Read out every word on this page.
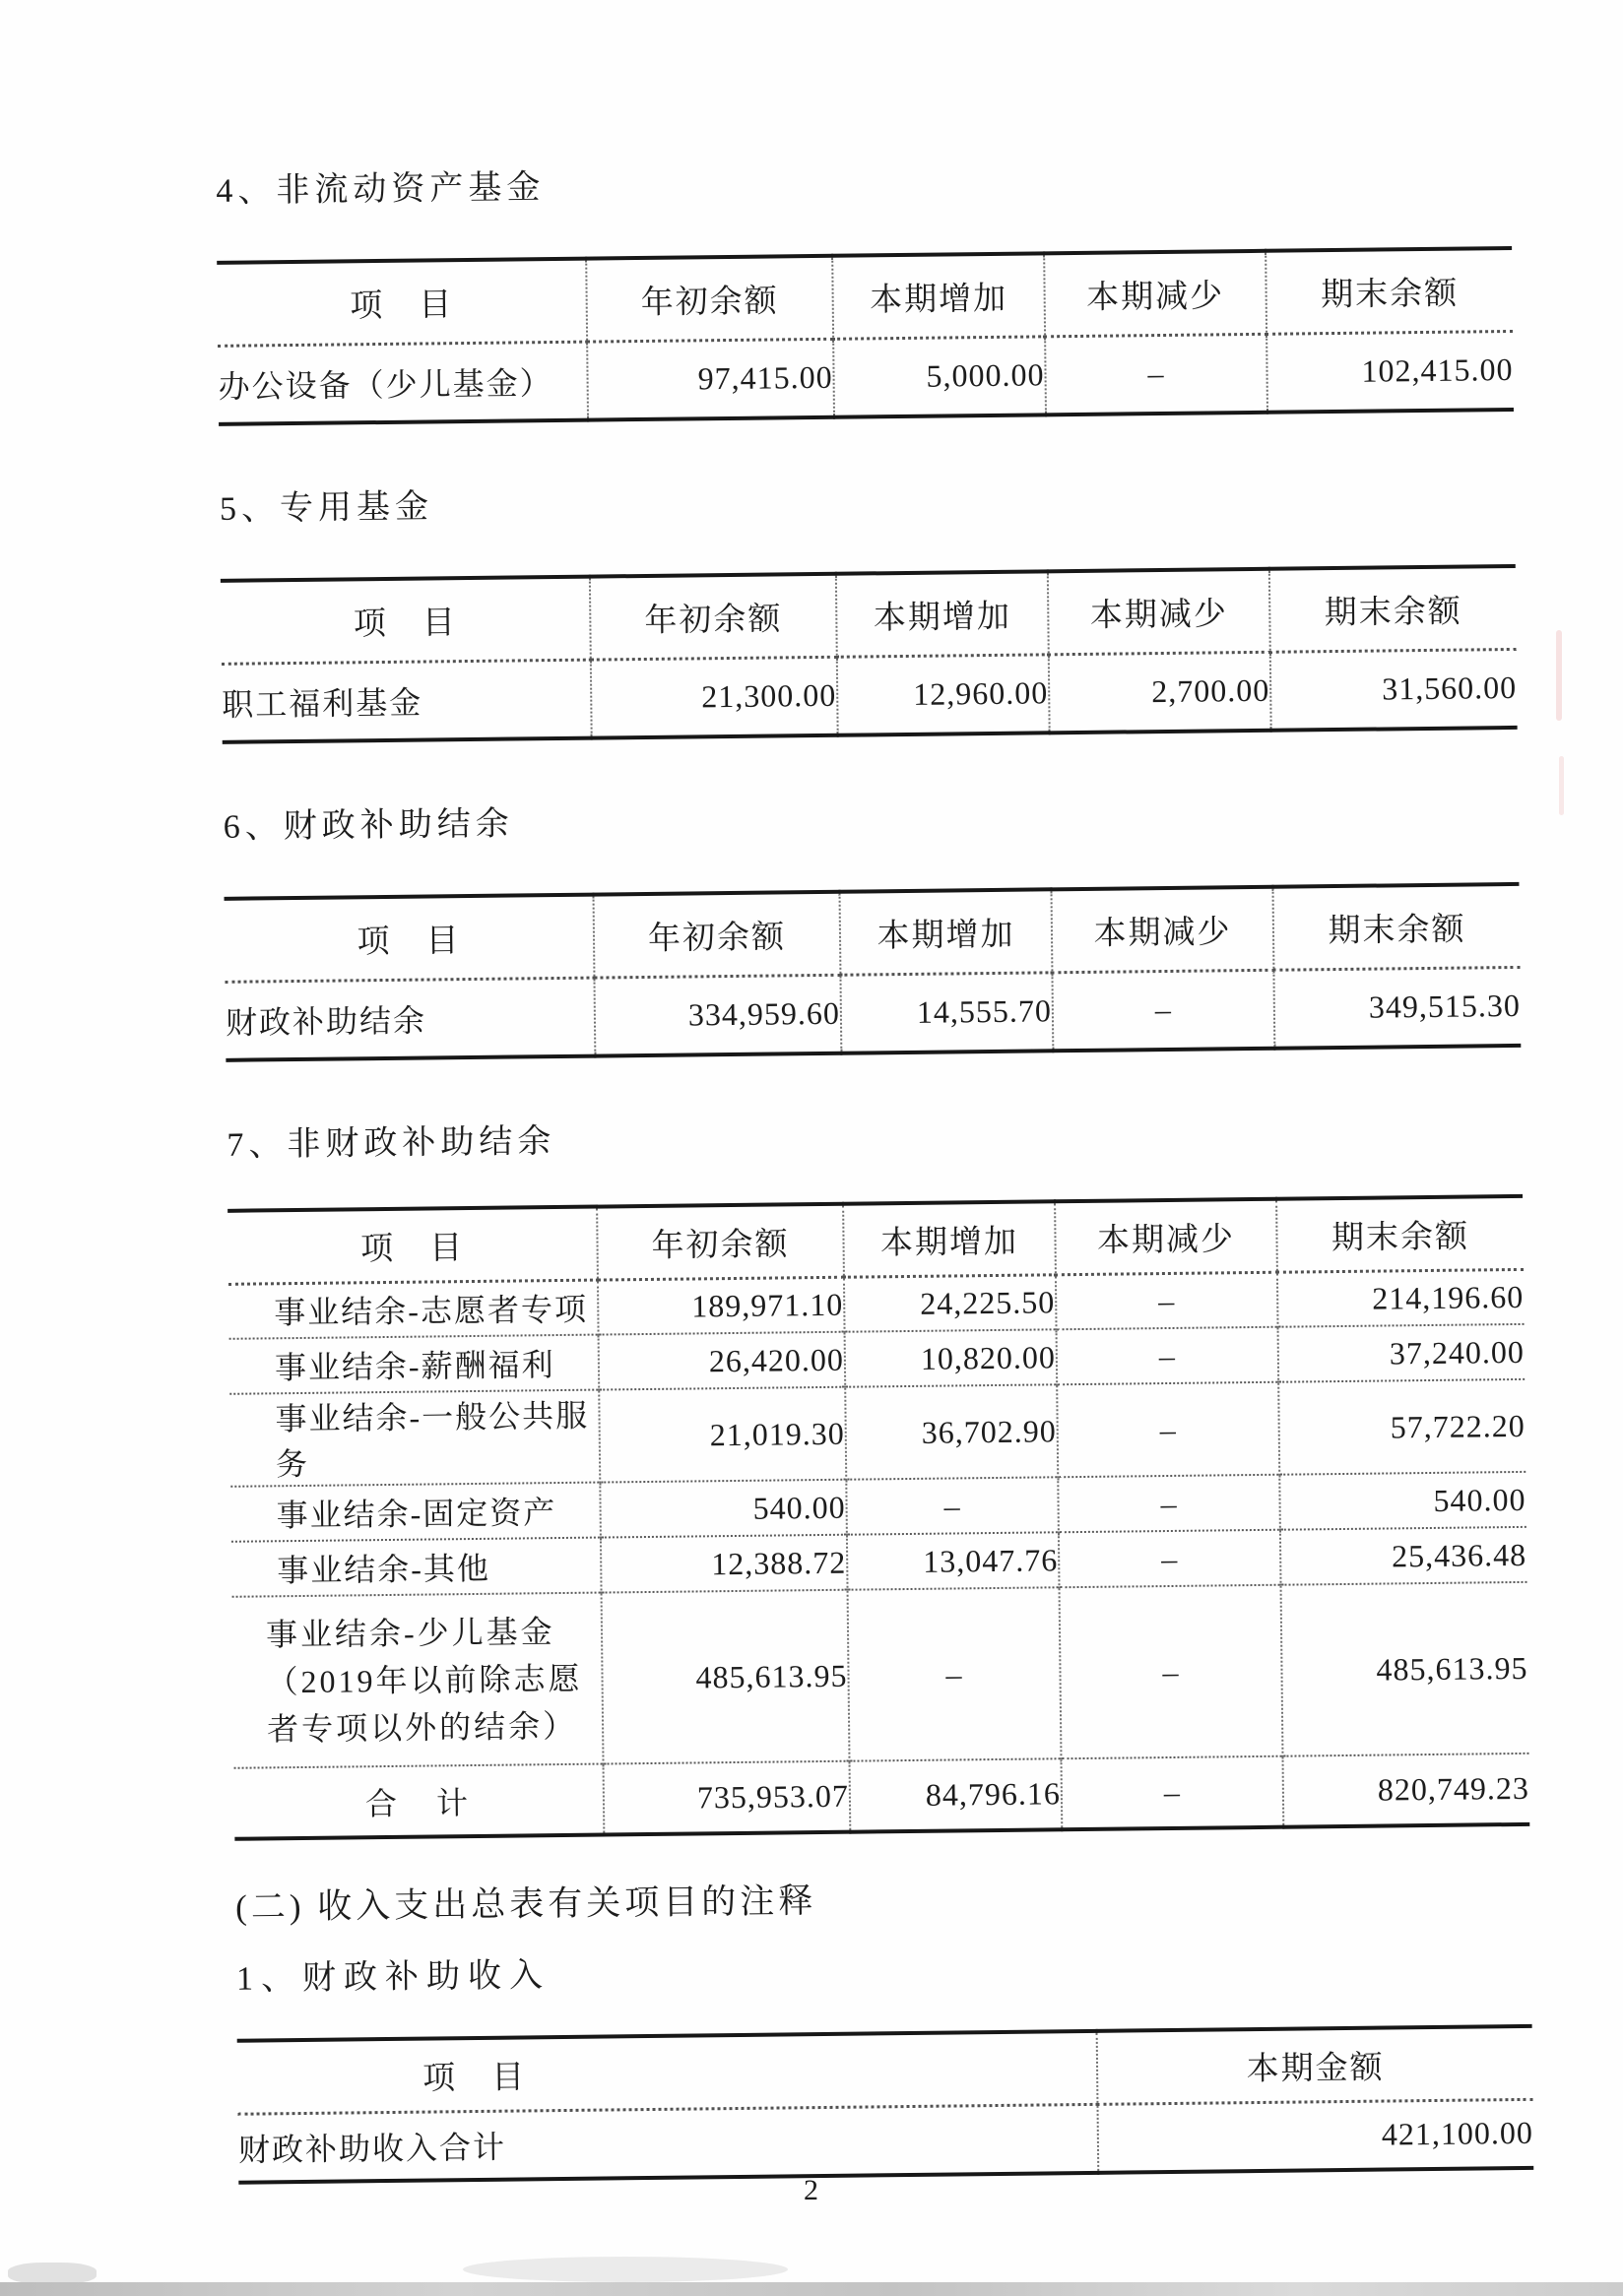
4、非流动资产基金
项　目	年初余额	本期增加	本期减少	期末余额
办公设备（少儿基金）	97,415.00	5,000.00	–	102,415.00
5、专用基金
项　目	年初余额	本期增加	本期减少	期末余额
职工福利基金	21,300.00	12,960.00	2,700.00	31,560.00
6、财政补助结余
项　目	年初余额	本期增加	本期减少	期末余额
财政补助结余	334,959.60	14,555.70	–	349,515.30
7、非财政补助结余
项　目	年初余额	本期增加	本期减少	期末余额
事业结余-志愿者专项	189,971.10	24,225.50	–	214,196.60
事业结余-薪酬福利	26,420.00	10,820.00	–	37,240.00
事业结余-一般公共服务	21,019.30	36,702.90	–	57,722.20
事业结余-固定资产	540.00	–	–	540.00
事业结余-其他	12,388.72	13,047.76	–	25,436.48
事业结余-少儿基金（2019年以前除志愿者专项以外的结余）	485,613.95	–	–	485,613.95
合　计	735,953.07	84,796.16	–	820,749.23
(二) 收入支出总表有关项目的注释
1、财政补助收入
项　目	本期金额
财政补助收入合计	421,100.00
2
